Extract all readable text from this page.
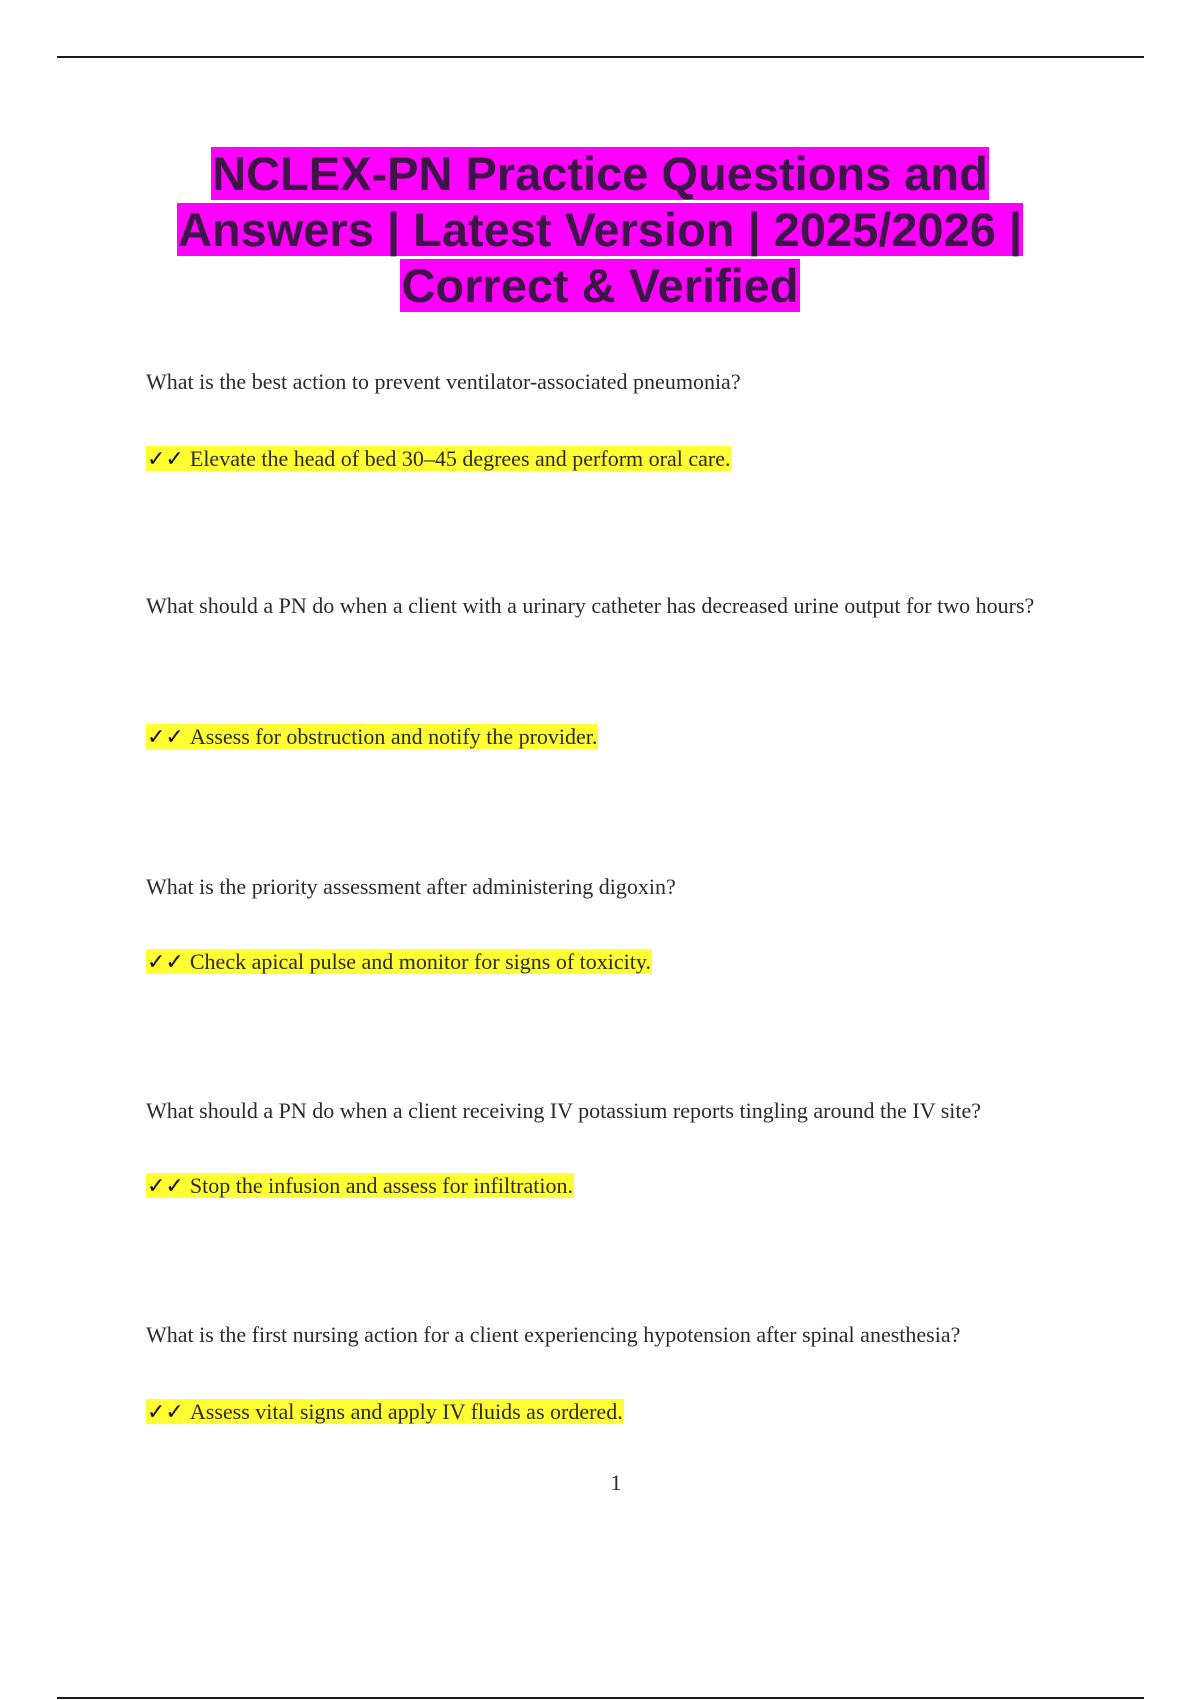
NCLEX-PN Practice Questions and
Answers | Latest Version | 2025/2026 |
Correct & Verified

What is the best action to prevent ventilator-associated pneumonia?

✓✓ Elevate the head of bed 30–45 degrees and perform oral care.

What should a PN do when a client with a urinary catheter has decreased urine output for two hours?

✓✓ Assess for obstruction and notify the provider.

What is the priority assessment after administering digoxin?

✓✓ Check apical pulse and monitor for signs of toxicity.

What should a PN do when a client receiving IV potassium reports tingling around the IV site?

✓✓ Stop the infusion and assess for infiltration.

What is the first nursing action for a client experiencing hypotension after spinal anesthesia?

✓✓ Assess vital signs and apply IV fluids as ordered.
1
